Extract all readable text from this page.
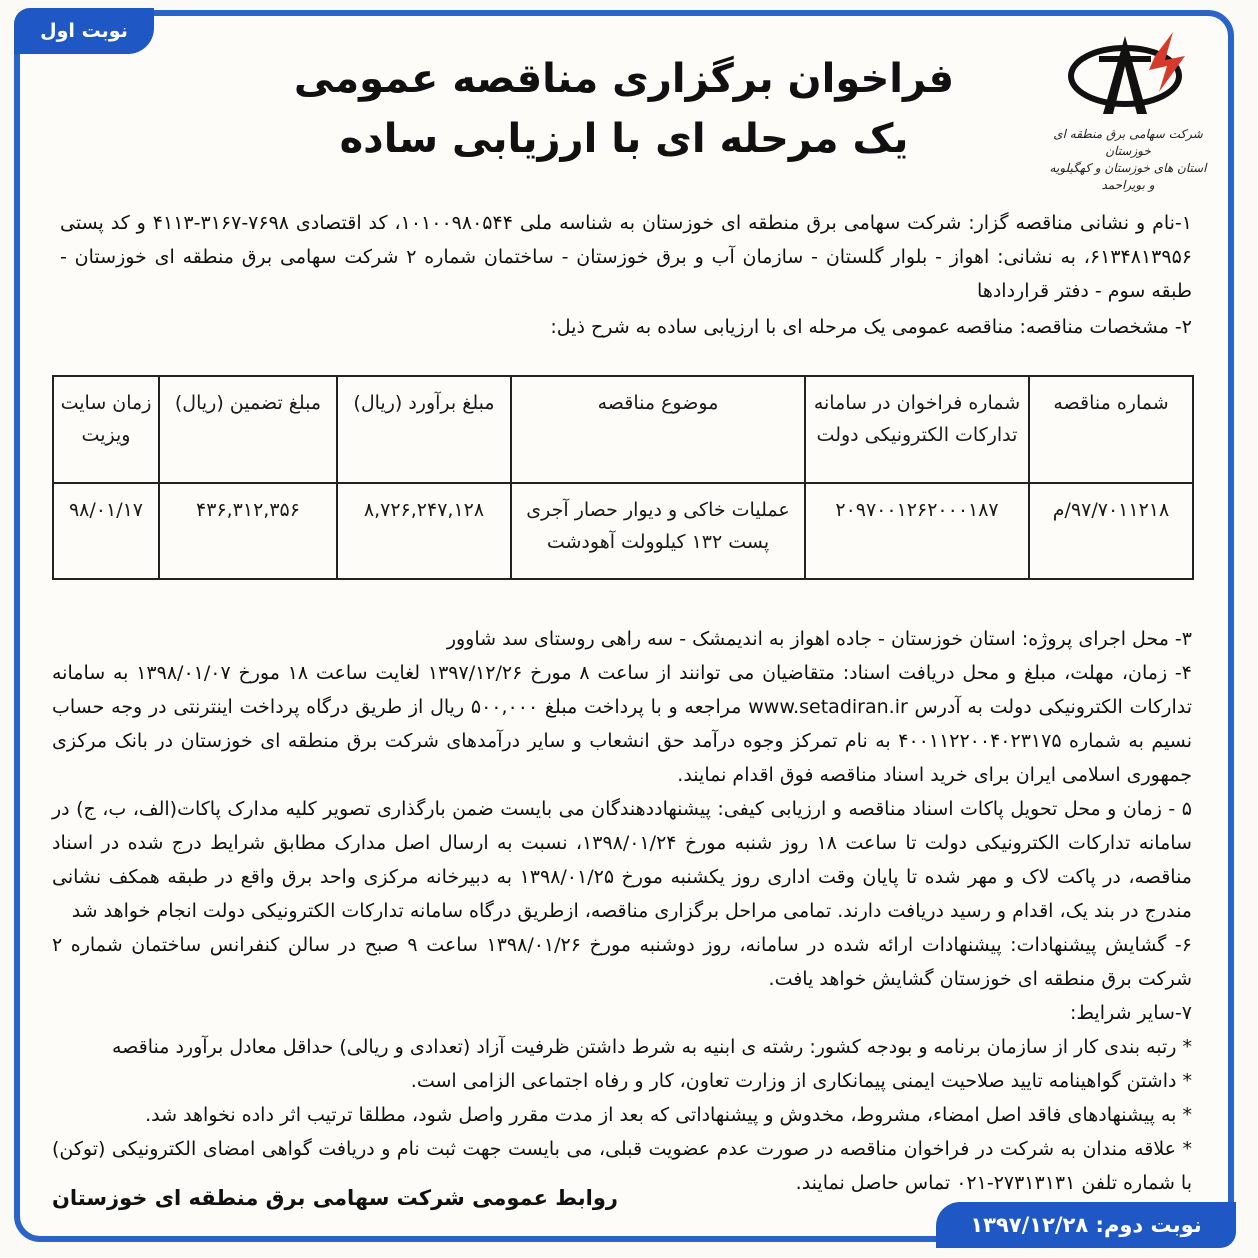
نوبت اول
شرکت سهامی برق منطقه ای خوزستان
استان های خوزستان و کهگیلویه و بویراحمد
فراخوان برگزاری مناقصه عمومی
یک مرحله ای با ارزیابی ساده
۱-نام و نشانی مناقصه گزار: شرکت سهامی برق منطقه ای خوزستان به شناسه ملی ۱۰۱۰۰۹۸۰۵۴۴، کد اقتصادی ۷۶۹۸-۳۱۶۷-۴۱۱۳ و کد پستی ۶۱۳۴۸۱۳۹۵۶، به نشانی: اهواز - بلوار گلستان - سازمان آب و برق خوزستان - ساختمان شماره ۲ شرکت سهامی برق منطقه ای خوزستان - طبقه سوم - دفتر قراردادها
۲- مشخصات مناقصه: مناقصه عمومی یک مرحله ای با ارزیابی ساده به شرح ذیل:
شماره مناقصه	شماره فراخوان در سامانه تدارکات الکترونیکی دولت	موضوع مناقصه	مبلغ برآورد (ریال)	مبلغ تضمین (ریال)	زمان سایت ویزیت
۹۷/۷۰۱۱۲۱۸/م	۲۰۹۷۰۰۱۲۶۲۰۰۰۱۸۷	عملیات خاکی و دیوار حصار آجری پست ۱۳۲ کیلوولت آهودشت	۸,۷۲۶,۲۴۷,۱۲۸	۴۳۶,۳۱۲,۳۵۶	۹۸/۰۱/۱۷
۳- محل اجرای پروژه: استان خوزستان - جاده اهواز به اندیمشک - سه راهی روستای سد شاوور
۴- زمان، مهلت، مبلغ و محل دریافت اسناد: متقاضیان می توانند از ساعت ۸ مورخ ۱۳۹۷/۱۲/۲۶ لغایت ساعت ۱۸ مورخ ۱۳۹۸/۰۱/۰۷ به سامانه تدارکات الکترونیکی دولت به آدرس www.setadiran.ir مراجعه و با پرداخت مبلغ ۵۰۰,۰۰۰ ریال از طریق درگاه پرداخت اینترنتی در وجه حساب نسیم به شماره ۴۰۰۱۱۲۲۰۰۴۰۲۳۱۷۵ به نام تمرکز وجوه درآمد حق انشعاب و سایر درآمدهای شرکت برق منطقه ای خوزستان در بانک مرکزی جمهوری اسلامی ایران برای خرید اسناد مناقصه فوق اقدام نمایند.
۵ - زمان و محل تحویل پاکات اسناد مناقصه و ارزیابی کیفی: پیشنهاددهندگان می بایست ضمن بارگذاری تصویر کلیه مدارک پاکات(الف، ب، ج) در سامانه تدارکات الکترونیکی دولت تا ساعت ۱۸ روز شنبه مورخ ۱۳۹۸/۰۱/۲۴، نسبت به ارسال اصل مدارک مطابق شرایط درج شده در اسناد مناقصه، در پاکت لاک و مهر شده تا پایان وقت اداری روز یکشنبه مورخ ۱۳۹۸/۰۱/۲۵ به دبیرخانه مرکزی واحد برق واقع در طبقه همکف نشانی مندرج در بند یک، اقدام و رسید دریافت دارند. تمامی مراحل برگزاری مناقصه، ازطریق درگاه سامانه تدارکات الکترونیکی دولت انجام خواهد شد
۶- گشایش پیشنهادات: پیشنهادات ارائه شده در سامانه، روز دوشنبه مورخ ۱۳۹۸/۰۱/۲۶ ساعت ۹ صبح در سالن کنفرانس ساختمان شماره ۲ شرکت برق منطقه ای خوزستان گشایش خواهد یافت.
۷-سایر شرایط:
* رتبه بندی کار از سازمان برنامه و بودجه کشور: رشته ی ابنیه به شرط داشتن ظرفیت آزاد (تعدادی و ریالی) حداقل معادل برآورد مناقصه
* داشتن گواهینامه تایید صلاحیت ایمنی پیمانکاری از وزارت تعاون، کار و رفاه اجتماعی الزامی است.
* به پیشنهادهای فاقد اصل امضاء، مشروط، مخدوش و پیشنهاداتی که بعد از مدت مقرر واصل شود، مطلقا ترتیب اثر داده نخواهد شد.
* علاقه مندان به شرکت در فراخوان مناقصه در صورت عدم عضویت قبلی، می بایست جهت ثبت نام و دریافت گواهی امضای الکترونیکی (توکن) با شماره تلفن ۲۷۳۱۳۱۳۱-۰۲۱ تماس حاصل نمایند.
روابط عمومی شرکت سهامی برق منطقه ای خوزستان
نوبت دوم: ۱۳۹۷/۱۲/۲۸
